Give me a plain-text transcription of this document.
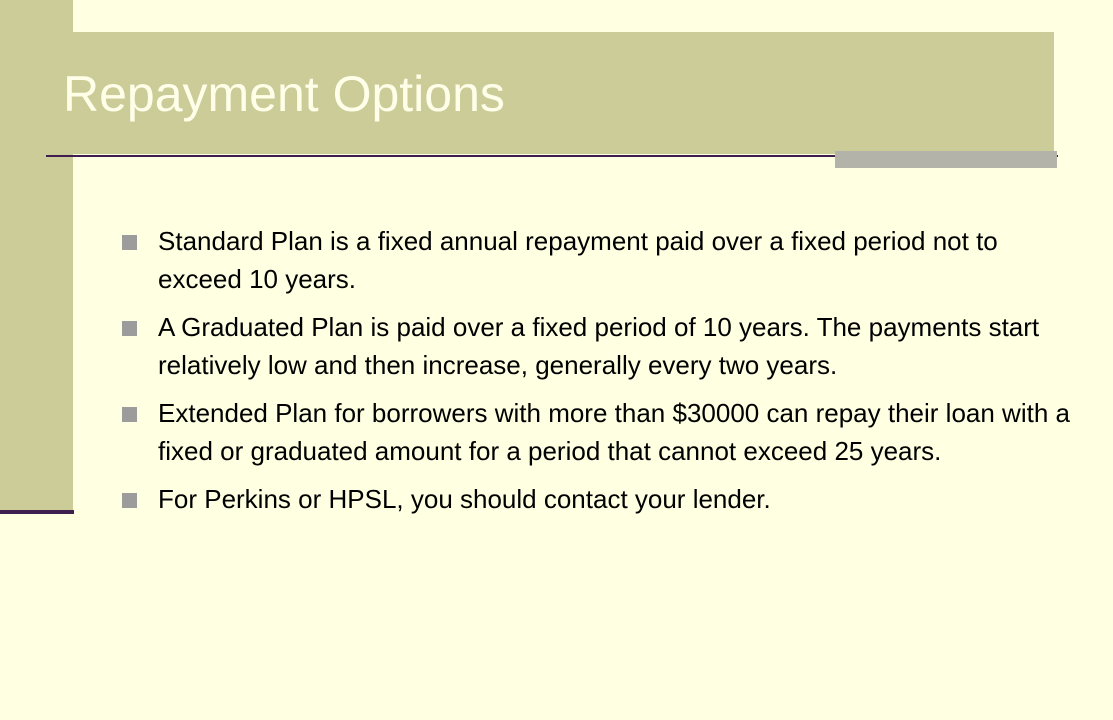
Repayment Options
Standard Plan is a fixed annual repayment paid over a fixed period not to exceed 10 years.
A Graduated Plan is paid over a fixed period of 10 years. The payments start relatively low and then increase, generally every two years.
Extended Plan for borrowers with more than $30000 can repay their loan with a fixed or graduated amount for a period that cannot exceed 25 years.
For Perkins or HPSL, you should contact your lender.
